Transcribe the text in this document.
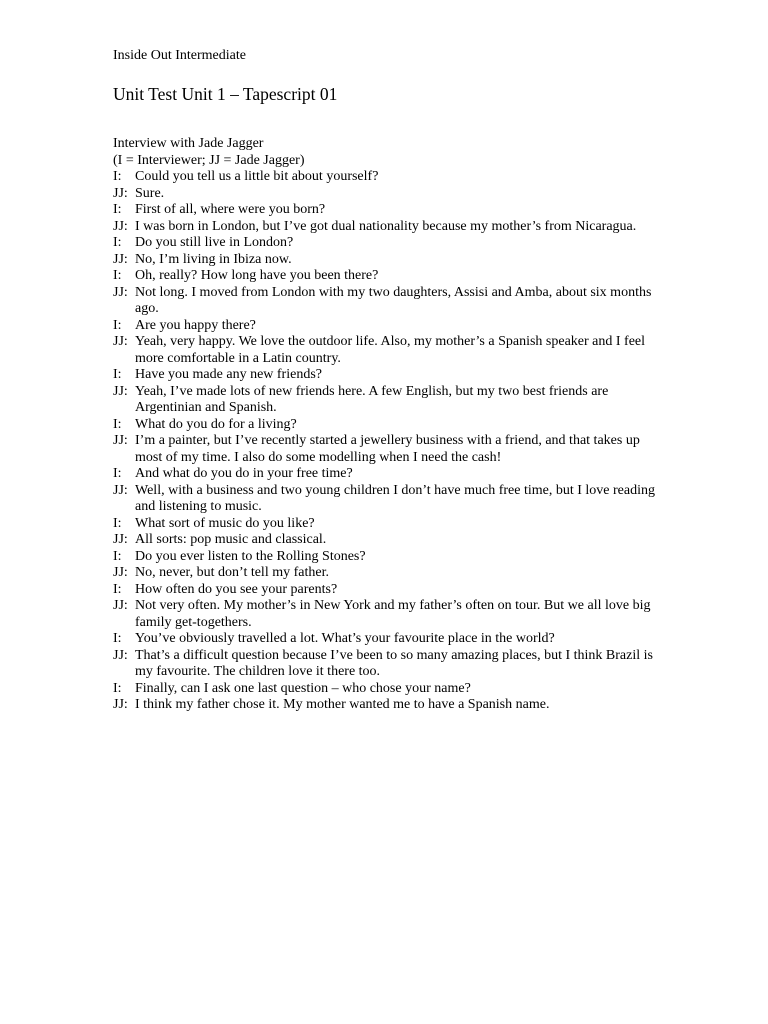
Inside Out Intermediate

Unit Test Unit 1 – Tapescript 01

Interview with Jade Jagger

(I = Interviewer; JJ = Jade Jagger)

I: Could you tell us a little bit about yourself?
JJ: Sure.
I: First of all, where were you born?
JJ: I was born in London, but I’ve got dual nationality because my mother’s from Nicaragua.
I: Do you still live in London?
JJ: No, I’m living in Ibiza now.
I: Oh, really? How long have you been there?
JJ: Not long. I moved from London with my two daughters, Assisi and Amba, about six months ago.
I: Are you happy there?
JJ: Yeah, very happy. We love the outdoor life. Also, my mother’s a Spanish speaker and I feel more comfortable in a Latin country.
I: Have you made any new friends?
JJ: Yeah, I’ve made lots of new friends here. A few English, but my two best friends are Argentinian and Spanish.
I: What do you do for a living?
JJ: I’m a painter, but I’ve recently started a jewellery business with a friend, and that takes up most of my time. I also do some modelling when I need the cash!
I: And what do you do in your free time?
JJ: Well, with a business and two young children I don’t have much free time, but I love reading and listening to music.
I: What sort of music do you like?
JJ: All sorts: pop music and classical.
I: Do you ever listen to the Rolling Stones?
JJ: No, never, but don’t tell my father.
I: How often do you see your parents?
JJ: Not very often. My mother’s in New York and my father’s often on tour. But we all love big family get-togethers.
I: You’ve obviously travelled a lot. What’s your favourite place in the world?
JJ: That’s a difficult question because I’ve been to so many amazing places, but I think Brazil is my favourite. The children love it there too.
I: Finally, can I ask one last question – who chose your name?
JJ: I think my father chose it. My mother wanted me to have a Spanish name.
